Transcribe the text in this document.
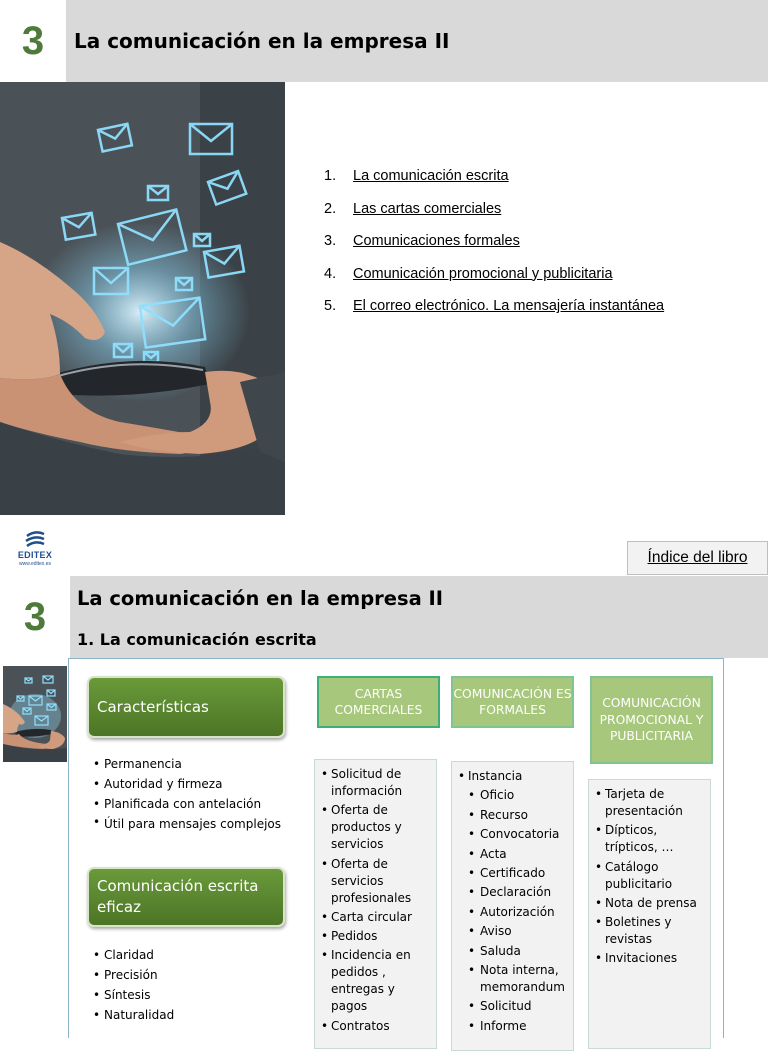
3	La comunicación en la empresa II
1.	La comunicación escrita
2.	Las cartas comerciales
3.	Comunicaciones formales
4.	Comunicación promocional y publicitaria
5.	El correo electrónico. La mensajería instantánea
EDITEX
www.editex.es	Índice del libro
3	La comunicación en la empresa II
1. La comunicación escrita
Características
• Permanencia
• Autoridad y firmeza
• Planificada con antelación
• Útil para mensajes complejos
Comunicación escrita eficaz
• Claridad
• Precisión
• Síntesis
• Naturalidad
• Solicitud de información
• Oferta de productos y servicios
• Oferta de servicios profesionales
• Carta circular
• Pedidos
• Incidencia en pedidos , entregas y pagos
• Contratos
CARTAS COMERCIALES
• Instancia
• Oficio
• Recurso
• Convocatoria
• Acta
• Certificado
• Declaración
• Autorización
• Aviso
• Saluda
• Nota interna, memorandum
• Solicitud
• Informe
COMUNICACIÓN ES FORMALES
• Tarjeta de presentación
• Dípticos, trípticos, …
• Catálogo publicitario
• Nota de prensa
• Boletines y revistas
• Invitaciones
COMUNICACIÓN PROMOCIONAL Y PUBLICITARIA
